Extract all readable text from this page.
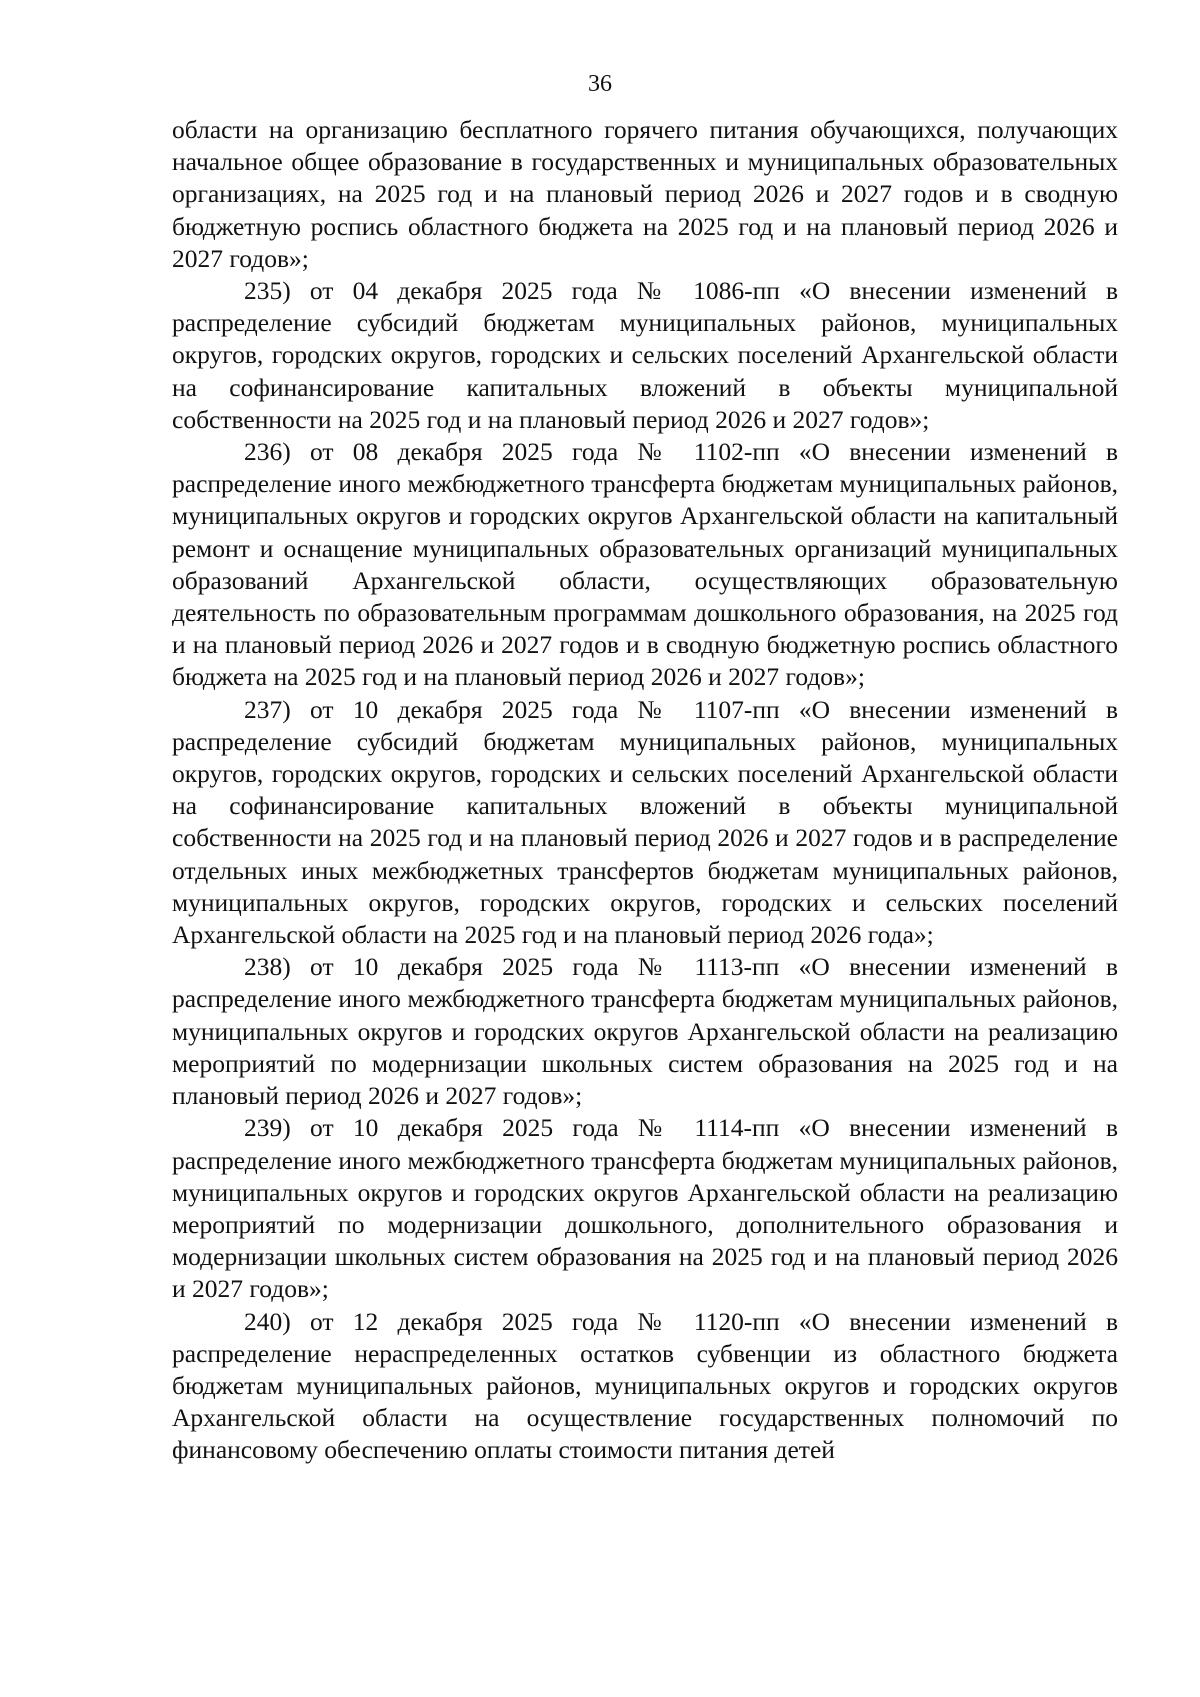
36

области на организацию бесплатного горячего питания обучающихся, получающих начальное общее образование в государственных и муниципальных образовательных организациях, на 2025 год и на плановый период 2026 и 2027 годов и в сводную бюджетную роспись областного бюджета на 2025 год и на плановый период 2026 и 2027 годов»;

235) от 04 декабря 2025 года № 1086-пп «О внесении изменений в распределение субсидий бюджетам муниципальных районов, муниципальных округов, городских округов, городских и сельских поселений Архангельской области на софинансирование капитальных вложений в объекты муниципальной собственности на 2025 год и на плановый период 2026 и 2027 годов»;

236) от 08 декабря 2025 года № 1102-пп «О внесении изменений в распределение иного межбюджетного трансферта бюджетам муниципальных районов, муниципальных округов и городских округов Архангельской области на капитальный ремонт и оснащение муниципальных образовательных организаций муниципальных образований Архангельской области, осуществляющих образовательную деятельность по образовательным программам дошкольного образования, на 2025 год и на плановый период 2026 и 2027 годов и в сводную бюджетную роспись областного бюджета на 2025 год и на плановый период 2026 и 2027 годов»;

237) от 10 декабря 2025 года № 1107-пп «О внесении изменений в распределение субсидий бюджетам муниципальных районов, муниципальных округов, городских округов, городских и сельских поселений Архангельской области на софинансирование капитальных вложений в объекты муниципальной собственности на 2025 год и на плановый период 2026 и 2027 годов и в распределение отдельных иных межбюджетных трансфертов бюджетам муниципальных районов, муниципальных округов, городских округов, городских и сельских поселений Архангельской области на 2025 год и на плановый период 2026 года»;

238) от 10 декабря 2025 года № 1113-пп «О внесении изменений в распределение иного межбюджетного трансферта бюджетам муниципальных районов, муниципальных округов и городских округов Архангельской области на реализацию мероприятий по модернизации школьных систем образования на 2025 год и на плановый период 2026 и 2027 годов»;

239) от 10 декабря 2025 года № 1114-пп «О внесении изменений в распределение иного межбюджетного трансферта бюджетам муниципальных районов, муниципальных округов и городских округов Архангельской области на реализацию мероприятий по модернизации дошкольного, дополнительного образования и модернизации школьных систем образования на 2025 год и на плановый период 2026 и 2027 годов»;

240) от 12 декабря 2025 года № 1120-пп «О внесении изменений в распределение нераспределенных остатков субвенции из областного бюджета бюджетам муниципальных районов, муниципальных округов и городских округов Архангельской области на осуществление государственных полномочий по финансовому обеспечению оплаты стоимости питания детей
